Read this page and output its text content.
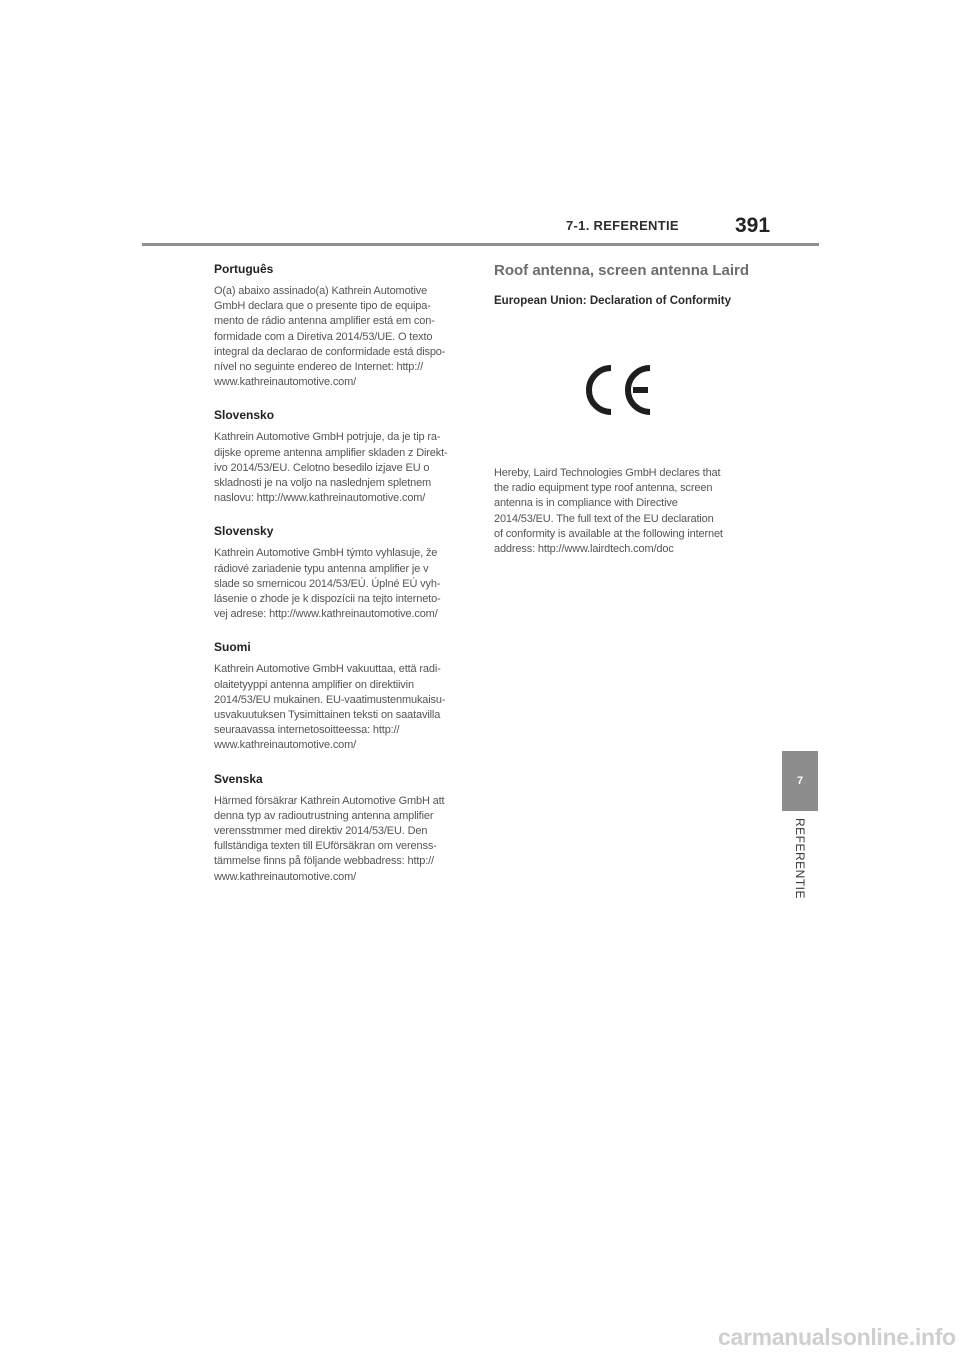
7-1. REFERENTIE	391

Português

O(a) abaixo assinado(a) Kathrein Automotive
GmbH declara que o presente tipo de equipa-
mento de rádio antenna amplifier está em con-
formidade com a Diretiva 2014/53/UE. O texto
integral da declarao de conformidade está dispo-
nível no seguinte endereo de Internet: http://
www.kathreinautomotive.com/

Slovensko

Kathrein Automotive GmbH potrjuje, da je tip ra-
dijske opreme antenna amplifier skladen z Direkt-
ivo 2014/53/EU. Celotno besedilo izjave EU o
skladnosti je na voljo na naslednjem spletnem
naslovu: http://www.kathreinautomotive.com/

Slovensky

Kathrein Automotive GmbH týmto vyhlasuje, že
rádiové zariadenie typu antenna amplifier je v
slade so smernicou 2014/53/EÚ. Úplné EÚ vyh-
lásenie o zhode je k dispozícii na tejto interneto-
vej adrese: http://www.kathreinautomotive.com/

Suomi

Kathrein Automotive GmbH vakuuttaa, että radi-
olaitetyyppi antenna amplifier on direktiivin
2014/53/EU mukainen. EU-vaatimustenmukaisu-
usvakuutuksen Tysimittainen teksti on saatavilla
seuraavassa internetosoitteessa: http://
www.kathreinautomotive.com/

Svenska

Härmed försäkrar Kathrein Automotive GmbH att
denna typ av radioutrustning antenna amplifier
verensstmmer med direktiv 2014/53/EU. Den
fullständiga texten till EUförsäkran om verenss-
tämmelse finns på följande webbadress: http://
www.kathreinautomotive.com/

Roof antenna, screen antenna Laird

European Union: Declaration of Conformity

Hereby, Laird Technologies GmbH declares that
the radio equipment type roof antenna, screen
antenna is in compliance with Directive
2014/53/EU. The full text of the EU declaration
of conformity is available at the following internet
address: http://www.lairdtech.com/doc

7
REFERENTIE
carmanualsonline.info
